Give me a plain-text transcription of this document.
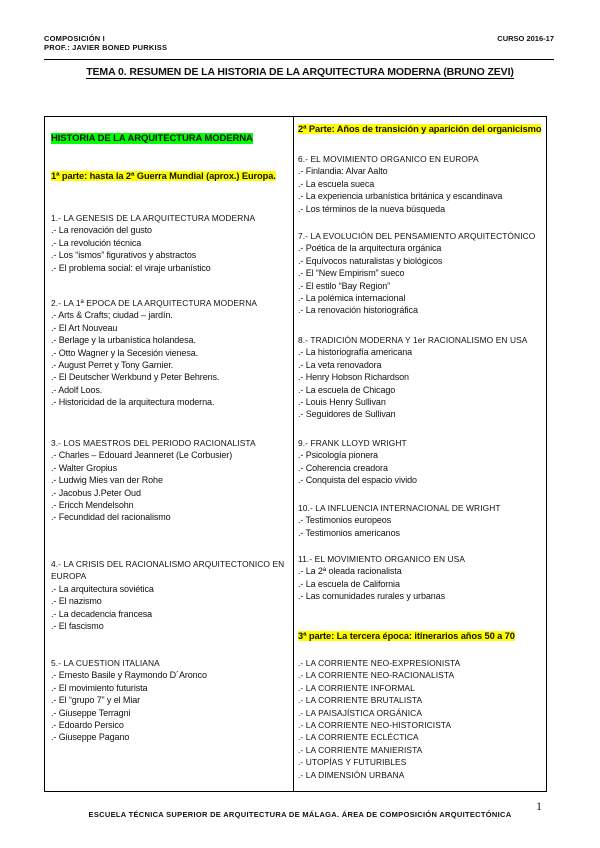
COMPOSICIÓN I
PROF.: JAVIER BONED PURKISS
CURSO 2016-17
TEMA 0. RESUMEN DE LA HISTORIA DE LA ARQUITECTURA MODERNA (BRUNO ZEVI)
HISTORIA DE LA ARQUITECTURA MODERNA
1ª parte: hasta la 2ª Guerra Mundial (aprox.) Europa.
1.- LA GENESIS DE LA ARQUITECTURA MODERNA
.- La renovación del gusto
.- La revolución técnica
.- Los “ismos” figurativos y abstractos
.- El problema social: el viraje urbanístico
2.- LA 1ª EPOCA DE LA ARQUITECTURA MODERNA
.- Arts & Crafts; ciudad – jardín.
.- El Art Nouveau
.- Berlage y la urbanística holandesa.
.- Otto Wagner y la Secesión vienesa.
.- August Perret y Tony Garnier.
.- El Deutscher Werkbund y Peter Behrens.
.- Adolf Loos.
.- Historicidad de la arquitectura moderna.
3.- LOS MAESTROS DEL PERIODO RACIONALISTA
.- Charles – Edouard Jeanneret (Le Corbusier)
.- Walter Gropius
.- Ludwig Mies van der Rohe
.- Jacobus J.Peter Oud
.- Ericch Mendelsohn
.- Fecundidad del racionalismo
4.- LA CRISIS DEL RACIONALISMO ARQUITECTONICO EN
EUROPA
.- La arquitectura soviética
.- El nazismo
.- La decadencia francesa
.- El fascismo
5.- LA CUESTION ITALIANA
.- Ernesto Basile y Raymondo D´Aronco
.- El movimiento futurista
.- El “grupo 7” y el Miar
.- Giuseppe Terragni
.- Edoardo Persico
.- Giuseppe Pagano
2ª Parte: Años de transición y aparición del organicismo
6.- EL MOVIMIENTO ORGANICO EN EUROPA
.- Finlandia: Alvar Aalto
.- La escuela sueca
.- La experiencia urbanística británica y escandinava
.- Los términos de la nueva búsqueda
7.- LA EVOLUCIÓN DEL PENSAMIENTO ARQUITECTÓNICO
.- Poética de la arquitectura orgánica
.- Equívocos naturalistas y biológicos
.- El “New Empirism” sueco
.- El estilo “Bay Region”
.- La polémica internacional
.- La renovación historiográfica
8.- TRADICIÓN MODERNA Y 1er RACIONALISMO EN USA
.- La historiografía americana
.- La veta renovadora
.- Henry Hobson Richardson
.- La escuela de Chicago
.- Louis Henry Sullivan
.- Seguidores de Sullivan
9.- FRANK LLOYD WRIGHT
.- Psicología pionera
.- Coherencia creadora
.- Conquista del espacio vivido
10.- LA INFLUENCIA INTERNACIONAL DE WRIGHT
.- Testimonios europeos
.- Testimonios americanos
11.- EL MOVIMIENTO ORGANICO EN USA
.- La 2ª oleada racionalista
.- La escuela de California
.- Las comunidades rurales y urbanas
3ª parte: La tercera época: itinerarios años 50 a 70
.- LA CORRIENTE NEO-EXPRESIONISTA
.- LA CORRIENTE NEO-RACIONALISTA
.- LA CORRIENTE INFORMAL
.- LA CORRIENTE BRUTALISTA
.- LA PAISAJÍSTICA ORGÁNICA
.- LA CORRIENTE NEO-HISTORICISTA
.- LA CORRIENTE ECLÉCTICA
.- LA CORRIENTE MANIERISTA
.- UTOPÍAS Y FUTURIBLES
.- LA DIMENSIÓN URBANA
1
ESCUELA TÉCNICA SUPERIOR DE ARQUITECTURA DE MÁLAGA. ÁREA DE COMPOSICIÓN ARQUITECTÓNICA
